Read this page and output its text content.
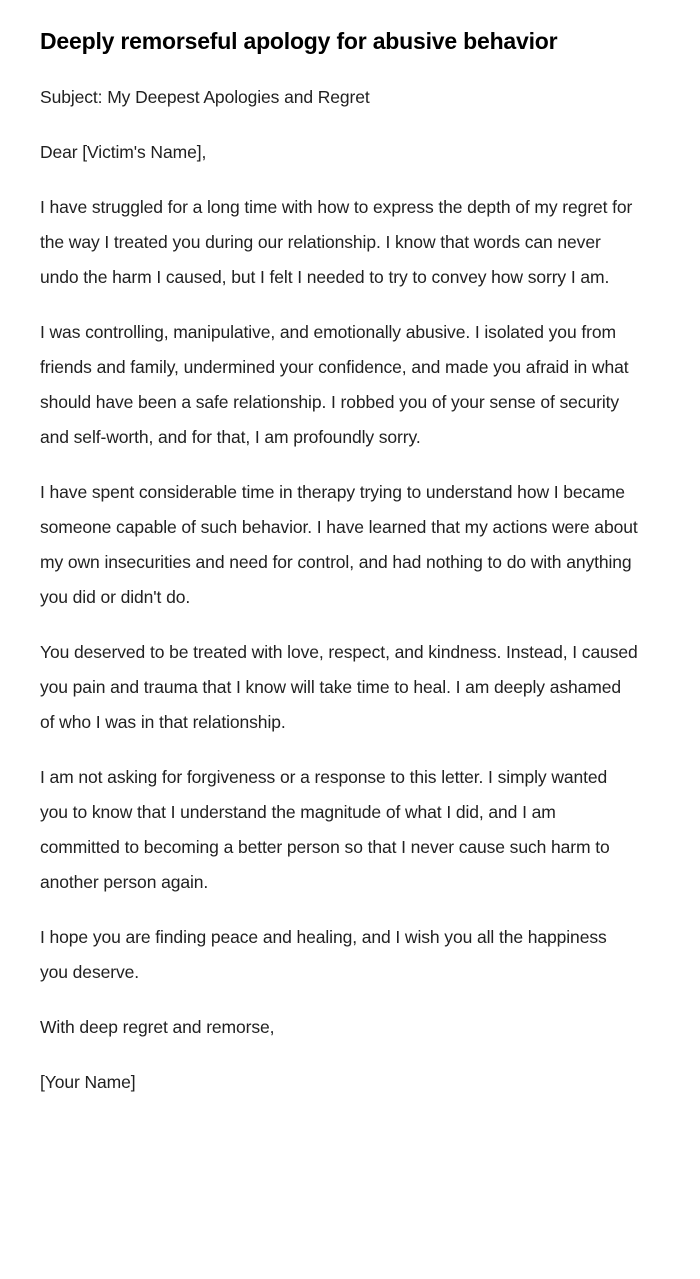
Deeply remorseful apology for abusive behavior

Subject: My Deepest Apologies and Regret

Dear [Victim's Name],

I have struggled for a long time with how to express the depth of my regret for the way I treated you during our relationship. I know that words can never undo the harm I caused, but I felt I needed to try to convey how sorry I am.

I was controlling, manipulative, and emotionally abusive. I isolated you from friends and family, undermined your confidence, and made you afraid in what should have been a safe relationship. I robbed you of your sense of security and self-worth, and for that, I am profoundly sorry.

I have spent considerable time in therapy trying to understand how I became someone capable of such behavior. I have learned that my actions were about my own insecurities and need for control, and had nothing to do with anything you did or didn't do.

You deserved to be treated with love, respect, and kindness. Instead, I caused you pain and trauma that I know will take time to heal. I am deeply ashamed of who I was in that relationship.

I am not asking for forgiveness or a response to this letter. I simply wanted you to know that I understand the magnitude of what I did, and I am committed to becoming a better person so that I never cause such harm to another person again.

I hope you are finding peace and healing, and I wish you all the happiness you deserve.

With deep regret and remorse,

[Your Name]
